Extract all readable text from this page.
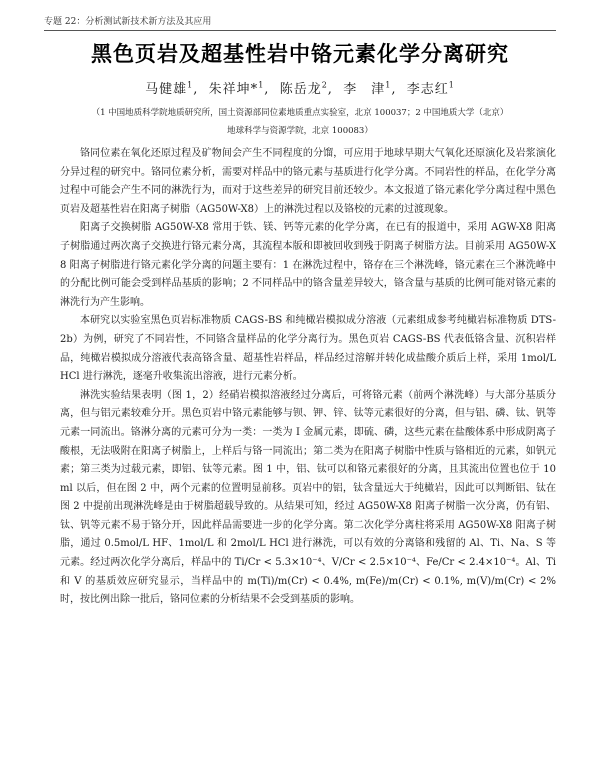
专题 22：分析测试新技术新方法及其应用
黑色页岩及超基性岩中铬元素化学分离研究
马健雄$^1$,  朱祥坤*$^1$,  陈岳龙$^2$,  李　津$^1$,  李志红$^1$
（1 中国地质科学院地质研究所，国土资源部同位素地质重点实验室，北京 100037；2 中国地质大学（北京）
地球科学与资源学院，北京 100083）

铬同位素在氧化还原过程及矿物间会产生不同程度的分馏，可应用于地球早期大气氧化还原演化及岩浆演化分异过程的研究中。铬同位素分析，需要对样品中的铬元素与基质进行化学分离。不同岩性的样品，在化学分离过程中可能会产生不同的淋洗行为，而对于这些差异的研究目前还较少。本文报道了铬元素化学分离过程中黑色页岩及超基性岩在阳离子树脂（AG50W-X8）上的淋洗过程以及铬校的元素的过渡现象。

阳离子交换树脂 AG50W-X8 常用于铁、镁、钙等元素的化学分离，在已有的报道中，采用 AGW-X8 阳离子树脂通过两次离子交换进行铬元素分离，其流程本版和即被回收到残于阴离子树脂方法。目前采用 AG50W-X8 阳离子树脂进行铬元素化学分离的问题主要有：1 在淋洗过程中，铬存在三个淋洗峰，铬元素在三个淋洗峰中的分配比例可能会受到样品基质的影响；2 不同样品中的铬含量差异较大，铬含量与基质的比例可能对铬元素的淋洗行为产生影响。

本研究以实验室黑色页岩标准物质 CAGS-BS 和纯橄岩模拟成分溶液（元素组成参考纯橄岩标准物质 DTS-2b）为例，研究了不同岩性，不同铬含量样品的化学分离行为。黑色页岩 CAGS-BS 代表低铬含量、沉积岩样品，纯橄岩模拟成分溶液代表高铬含量、超基性岩样品，样品经过溶解并转化成盐酸介质后上样，采用 1mol/L HCl 进行淋洗，逐毫升收集流出溶液，进行元素分析。

淋洗实验结果表明（图 1，2）经硝岩模拟溶液经过分离后，可将铬元素（前两个淋洗峰）与大部分基质分离，但与铝元素较难分开。黑色页岩中铬元素能够与钡、钾、锌、钛等元素很好的分离，但与铝、磷、钛、钒等元素一同流出。铬淋分离的元素可分为一类：一类为 I 金属元素，即硫、磷，这些元素在盐酸体系中形成阴离子酸根，无法吸附在阳离子树脂上，上样后与铬一同流出；第二类为在阳离子树脂中性质与铬相近的元素，如钒元素；第三类为过载元素，即铝、钛等元素。图 1 中，铝、钛可以和铬元素很好的分离，且其流出位置也位于 10ml 以后，但在图 2 中，两个元素的位置明显前移。页岩中的铝，钛含量远大于纯橄岩，因此可以判断铝、钛在图 2 中提前出现淋洗峰是由于树脂超载导致的。从结果可知，经过 AG50W-X8 阳离子树脂一次分离，仍有铝、钛、钒等元素不易于铬分开，因此样品需要进一步的化学分离。第二次化学分离柱将采用 AG50W-X8 阳离子树脂，通过 0.5mol/L HF、1mol/L 和 2mol/L HCl 进行淋洗，可以有效的分离铬和残留的 Al、Ti、Na、S 等元素。经过两次化学分离后，样品中的 Ti/Cr < 5.3×10⁻⁴、V/Cr < 2.5×10⁻⁴、Fe/Cr < 2.4×10⁻⁴。Al、Ti 和 V 的基质效应研究显示，当样品中的 m(Ti)/m(Cr) < 0.4%, m(Fe)/m(Cr) < 0.1%, m(V)/m(Cr) < 2%时，按比例出除一批后，铬同位素的分析结果不会受到基质的影响。
